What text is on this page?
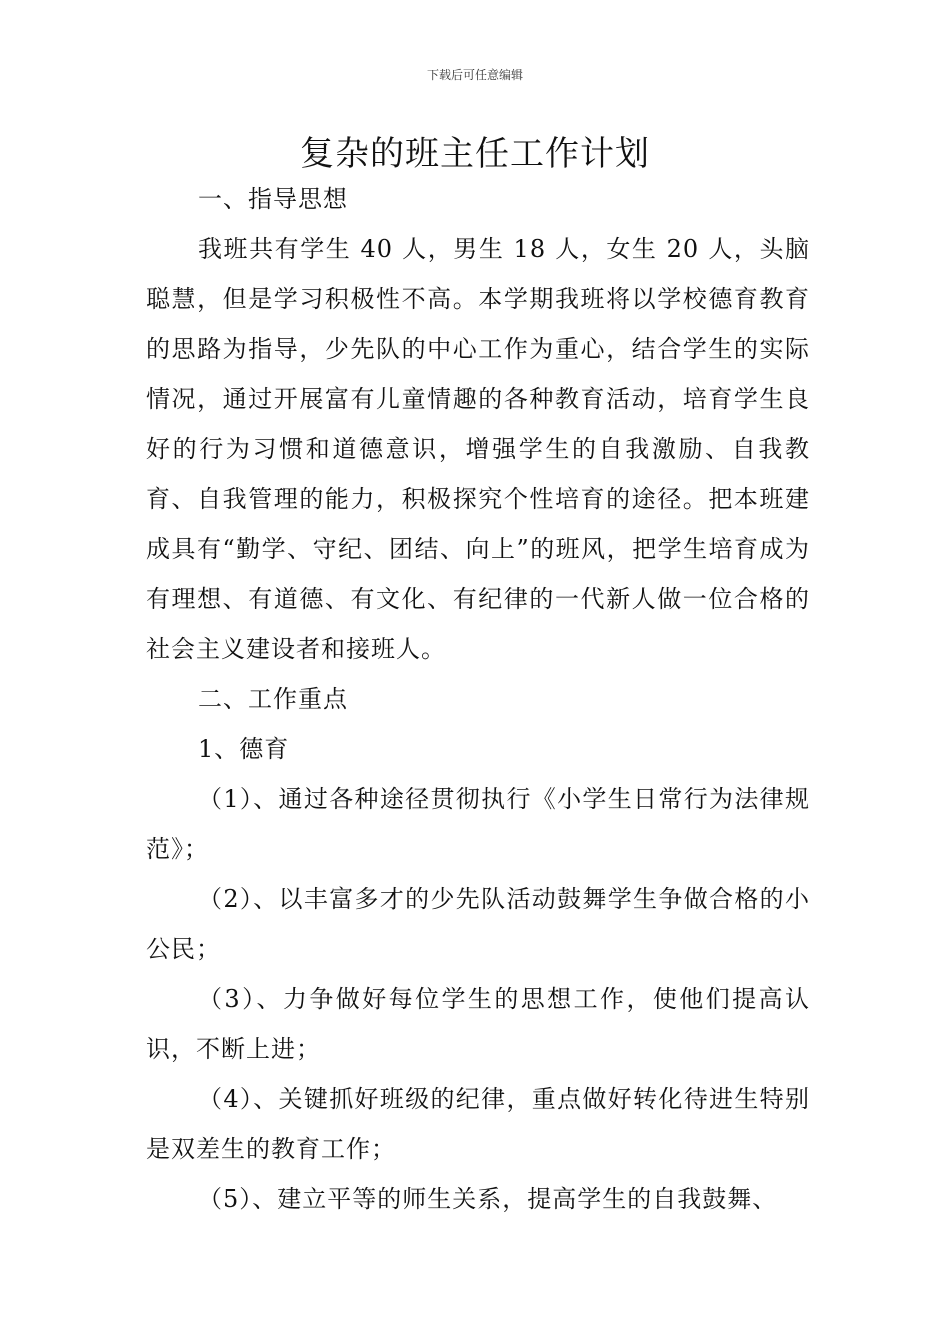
下载后可任意编辑
复杂的班主任工作计划

一、指导思想

我班共有学生 40 人，男生 18 人，女生 20 人，头脑聪慧，但是学习积极性不高。本学期我班将以学校德育教育的思路为指导，少先队的中心工作为重心，结合学生的实际情况，通过开展富有儿童情趣的各种教育活动，培育学生良好的行为习惯和道德意识，增强学生的自我激励、自我教育、自我管理的能力，积极探究个性培育的途径。把本班建成具有“勤学、守纪、团结、向上”的班风，把学生培育成为有理想、有道德、有文化、有纪律的一代新人做一位合格的社会主义建设者和接班人。

二、工作重点

1、德育

（1）、通过各种途径贯彻执行《小学生日常行为法律规范》；

（2）、以丰富多才的少先队活动鼓舞学生争做合格的小公民；

（3）、力争做好每位学生的思想工作，使他们提高认识，不断上进；

（4）、关键抓好班级的纪律，重点做好转化待进生特别是双差生的教育工作；

（5）、建立平等的师生关系，提高学生的自我鼓舞、
